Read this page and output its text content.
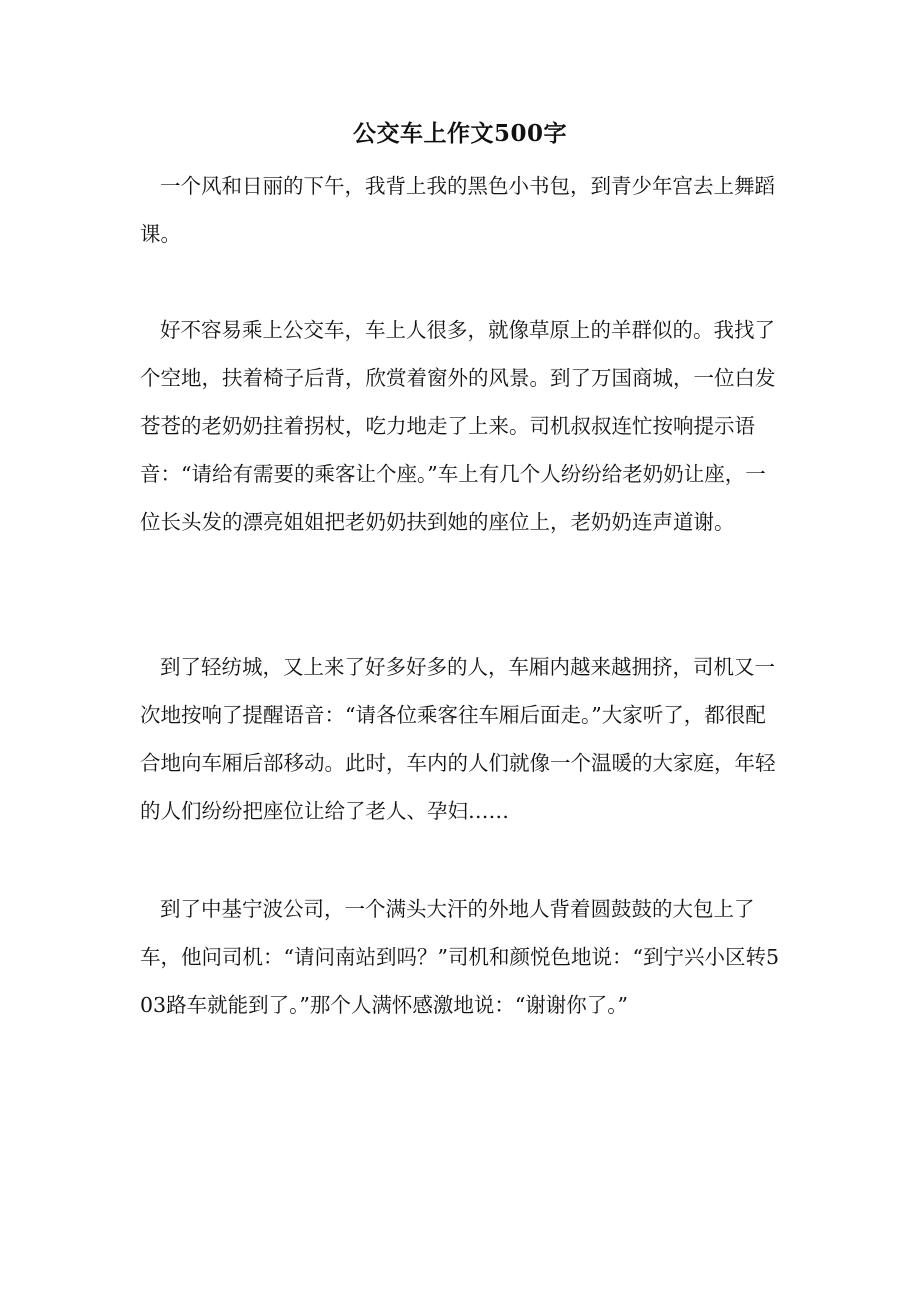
公交车上作文500字

一个风和日丽的下午，我背上我的黑色小书包，到青少年宫去上舞蹈课。

好不容易乘上公交车，车上人很多，就像草原上的羊群似的。我找了个空地，扶着椅子后背，欣赏着窗外的风景。到了万国商城，一位白发苍苍的老奶奶拄着拐杖，吃力地走了上来。司机叔叔连忙按响提示语音：“请给有需要的乘客让个座。”车上有几个人纷纷给老奶奶让座，一位长头发的漂亮姐姐把老奶奶扶到她的座位上，老奶奶连声道谢。

到了轻纺城，又上来了好多好多的人，车厢内越来越拥挤，司机又一次地按响了提醒语音：“请各位乘客往车厢后面走。”大家听了，都很配合地向车厢后部移动。此时，车内的人们就像一个温暖的大家庭，年轻的人们纷纷把座位让给了老人、孕妇……

到了中基宁波公司，一个满头大汗的外地人背着圆鼓鼓的大包上了车，他问司机：“请问南站到吗？”司机和颜悦色地说：“到宁兴小区转503路车就能到了。”那个人满怀感激地说：“谢谢你了。”
